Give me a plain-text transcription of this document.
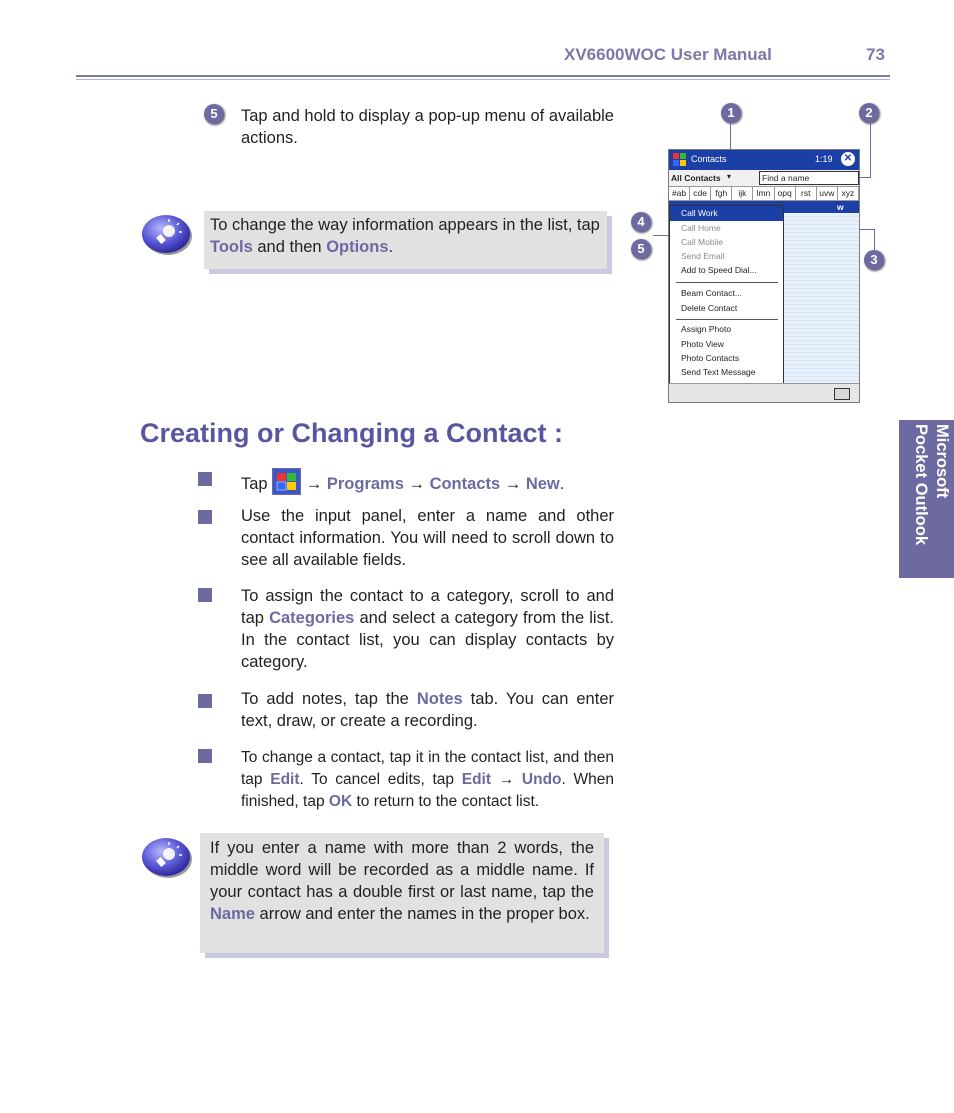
XV6600WOC User Manual	73
5	Tap and hold to display a pop-up menu of available actions.
To change the way information appears in the list, tap Tools and then Options.
1	2
3
4
5
Contacts	1:19 ✕
All Contacts ▾	Find a name
#ab cde fgh	ijk	lmn opq	rst	uvw xyz
w
Call Work
Call Home
Call Mobile
Send Email
Add to Speed Dial...
Beam Contact...
Delete Contact
Assign Photo
Photo View
Photo Contacts
Send Text Message
Creating or Changing a Contact :	Microsoft
Pocket Outlook
Tap
→ Programs → Contacts → New.
Use the input panel, enter a name and other contact information. You will need to scroll down to see all available fields.
To assign the contact to a category, scroll to and tap Categories and select a category from the list. In the contact list, you can display contacts by category.
To add notes, tap the Notes tab. You can enter text, draw, or create a recording.
To change a contact, tap it in the contact list, and then tap Edit. To cancel edits, tap Edit → Undo. When finished, tap OK to return to the contact list.
If you enter a name with more than 2 words, the middle word will be recorded as a middle name. If your contact has a double first or last name, tap the Name arrow and enter the names in the proper box.
